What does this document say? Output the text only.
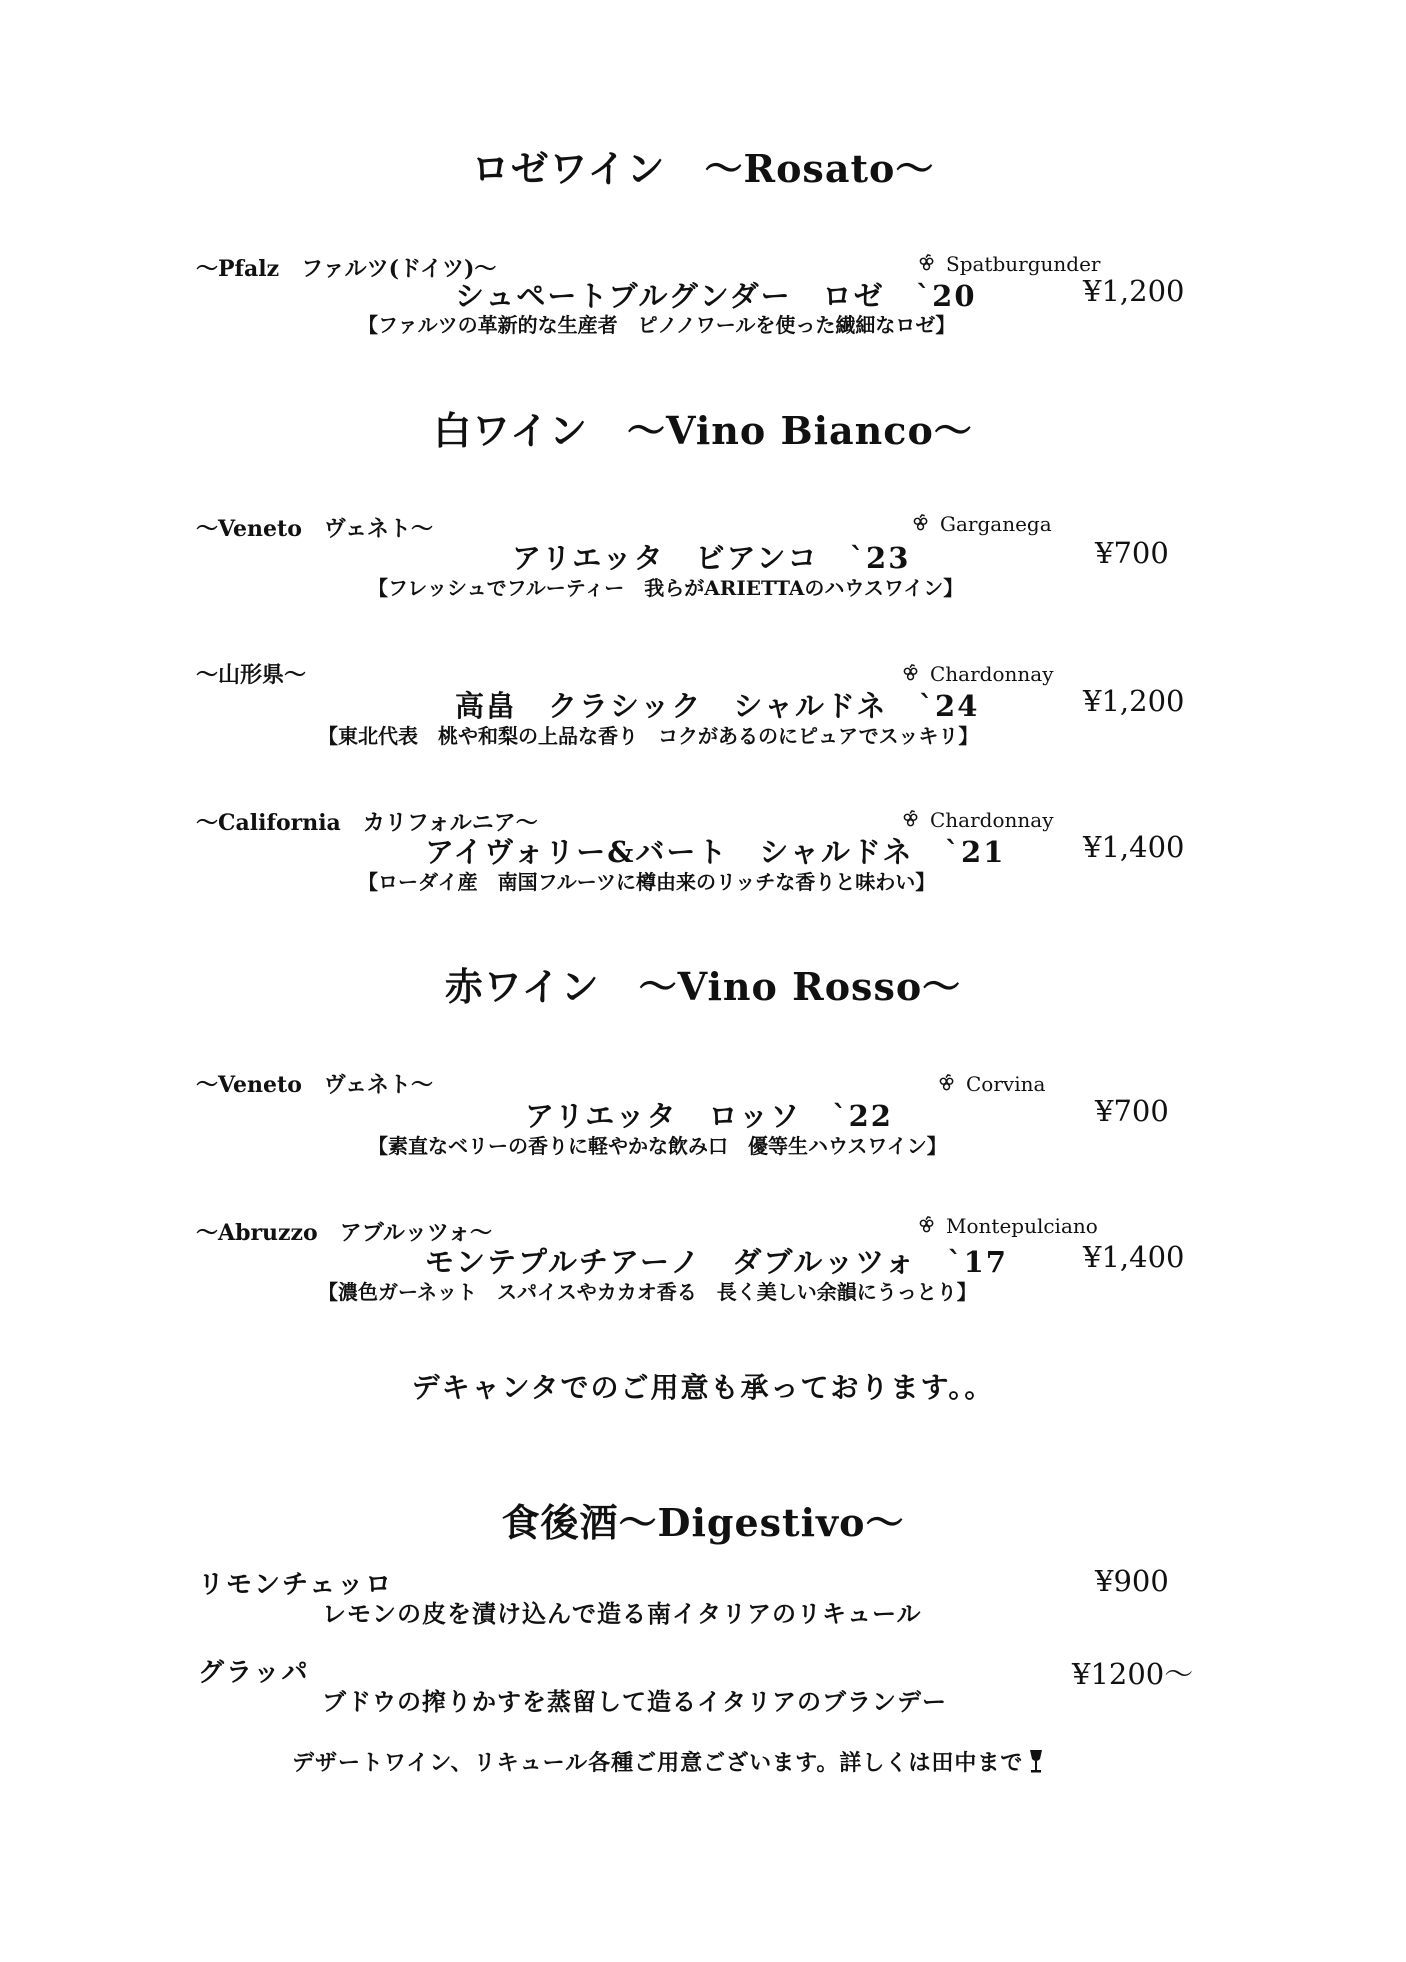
ロゼワイン　～Rosato～
～Pfalz　ファルツ(ドイツ)～	Spatburgunder
シュペートブルグンダー　ロゼ　`20	¥1,200
【ファルツの革新的な生産者　ピノノワールを使った繊細なロゼ】
白ワイン　～Vino Bianco～
～Veneto　ヴェネト～	Garganega
アリエッタ　ビアンコ　`23	¥700
【フレッシュでフルーティー　我らがARIETTAのハウスワイン】
～山形県～	Chardonnay
高畠　クラシック　シャルドネ　`24	¥1,200
【東北代表　桃や和梨の上品な香り　コクがあるのにピュアでスッキリ】
～California　カリフォルニア～	Chardonnay
アイヴォリー&バート　シャルドネ　`21	¥1,400
【ローダイ産　南国フルーツに樽由来のリッチな香りと味わい】
赤ワイン　～Vino Rosso～
～Veneto　ヴェネト～	Corvina
アリエッタ　ロッソ　`22	¥700
【素直なベリーの香りに軽やかな飲み口　優等生ハウスワイン】
～Abruzzo　アブルッツォ～	Montepulciano
モンテプルチアーノ　ダブルッツォ　`17	¥1,400
【濃色ガーネット　スパイスやカカオ香る　長く美しい余韻にうっとり】
デキャンタでのご用意も承っております。。
食後酒～Digestivo～
リモンチェッロ	¥900
レモンの皮を漬け込んで造る南イタリアのリキュール
グラッパ	¥1200～
ブドウの搾りかすを蒸留して造るイタリアのブランデー
デザートワイン、リキュール各種ご用意ございます。詳しくは田中まで
